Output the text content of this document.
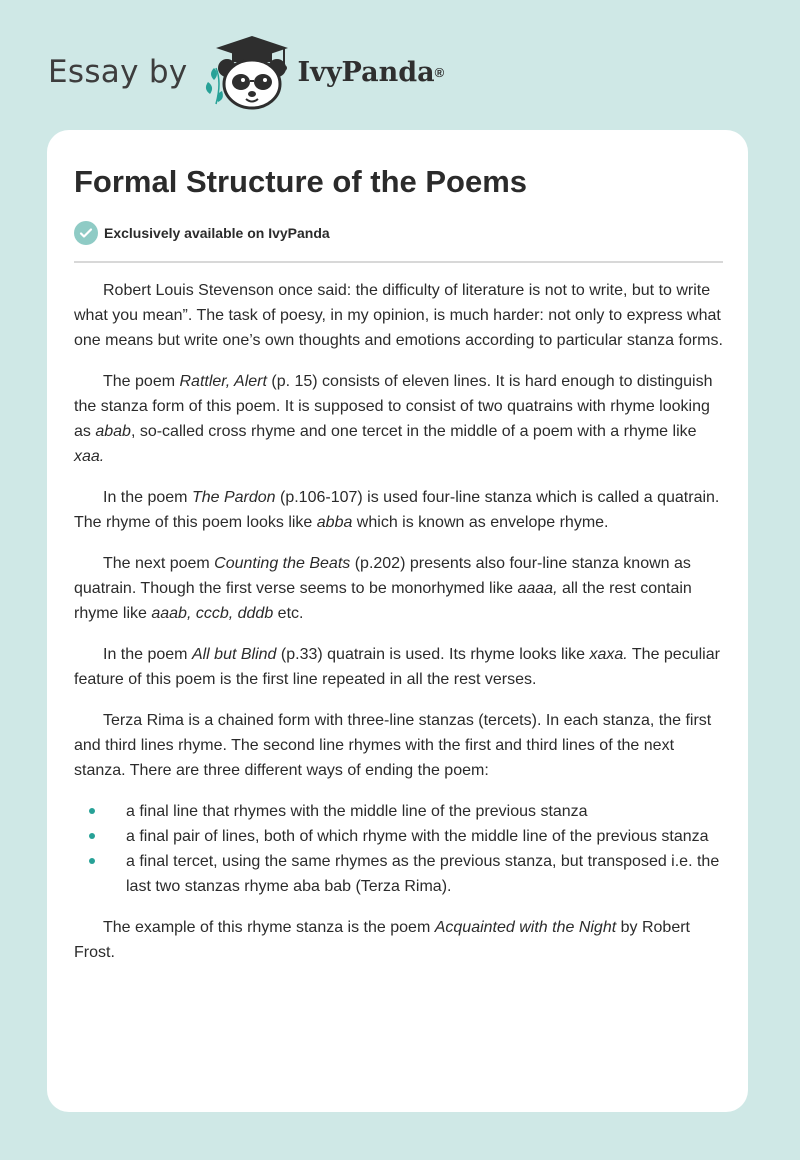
Essay by	IvyPanda ®
Formal Structure of the Poems
Exclusively available on IvyPanda

Robert Louis Stevenson once said: the difficulty of literature is not to write, but to write what you mean”. The task of poesy, in my opinion, is much harder: not only to express what one means but write one’s own thoughts and emotions according to particular stanza forms.

The poem Rattler, Alert (p. 15) consists of eleven lines. It is hard enough to distinguish the stanza form of this poem. It is supposed to consist of two quatrains with rhyme looking as abab, so-called cross rhyme and one tercet in the middle of a poem with a rhyme like xaa.

In the poem The Pardon (p.106-107) is used four-line stanza which is called a quatrain. The rhyme of this poem looks like abba which is known as envelope rhyme.

The next poem Counting the Beats (p.202) presents also four-line stanza known as quatrain. Though the first verse seems to be monorhymed like aaaa, all the rest contain rhyme like aaab, cccb, dddb etc.

In the poem All but Blind (p.33) quatrain is used. Its rhyme looks like xaxa. The peculiar feature of this poem is the first line repeated in all the rest verses.

Terza Rima is a chained form with three-line stanzas (tercets). In each stanza, the first and third lines rhyme. The second line rhymes with the first and third lines of the next stanza. There are three different ways of ending the poem:

a final line that rhymes with the middle line of the previous stanza
a final pair of lines, both of which rhyme with the middle line of the previous stanza
a final tercet, using the same rhymes as the previous stanza, but transposed i.e. the last two stanzas rhyme aba bab (Terza Rima).

The example of this rhyme stanza is the poem Acquainted with the Night by Robert Frost.
